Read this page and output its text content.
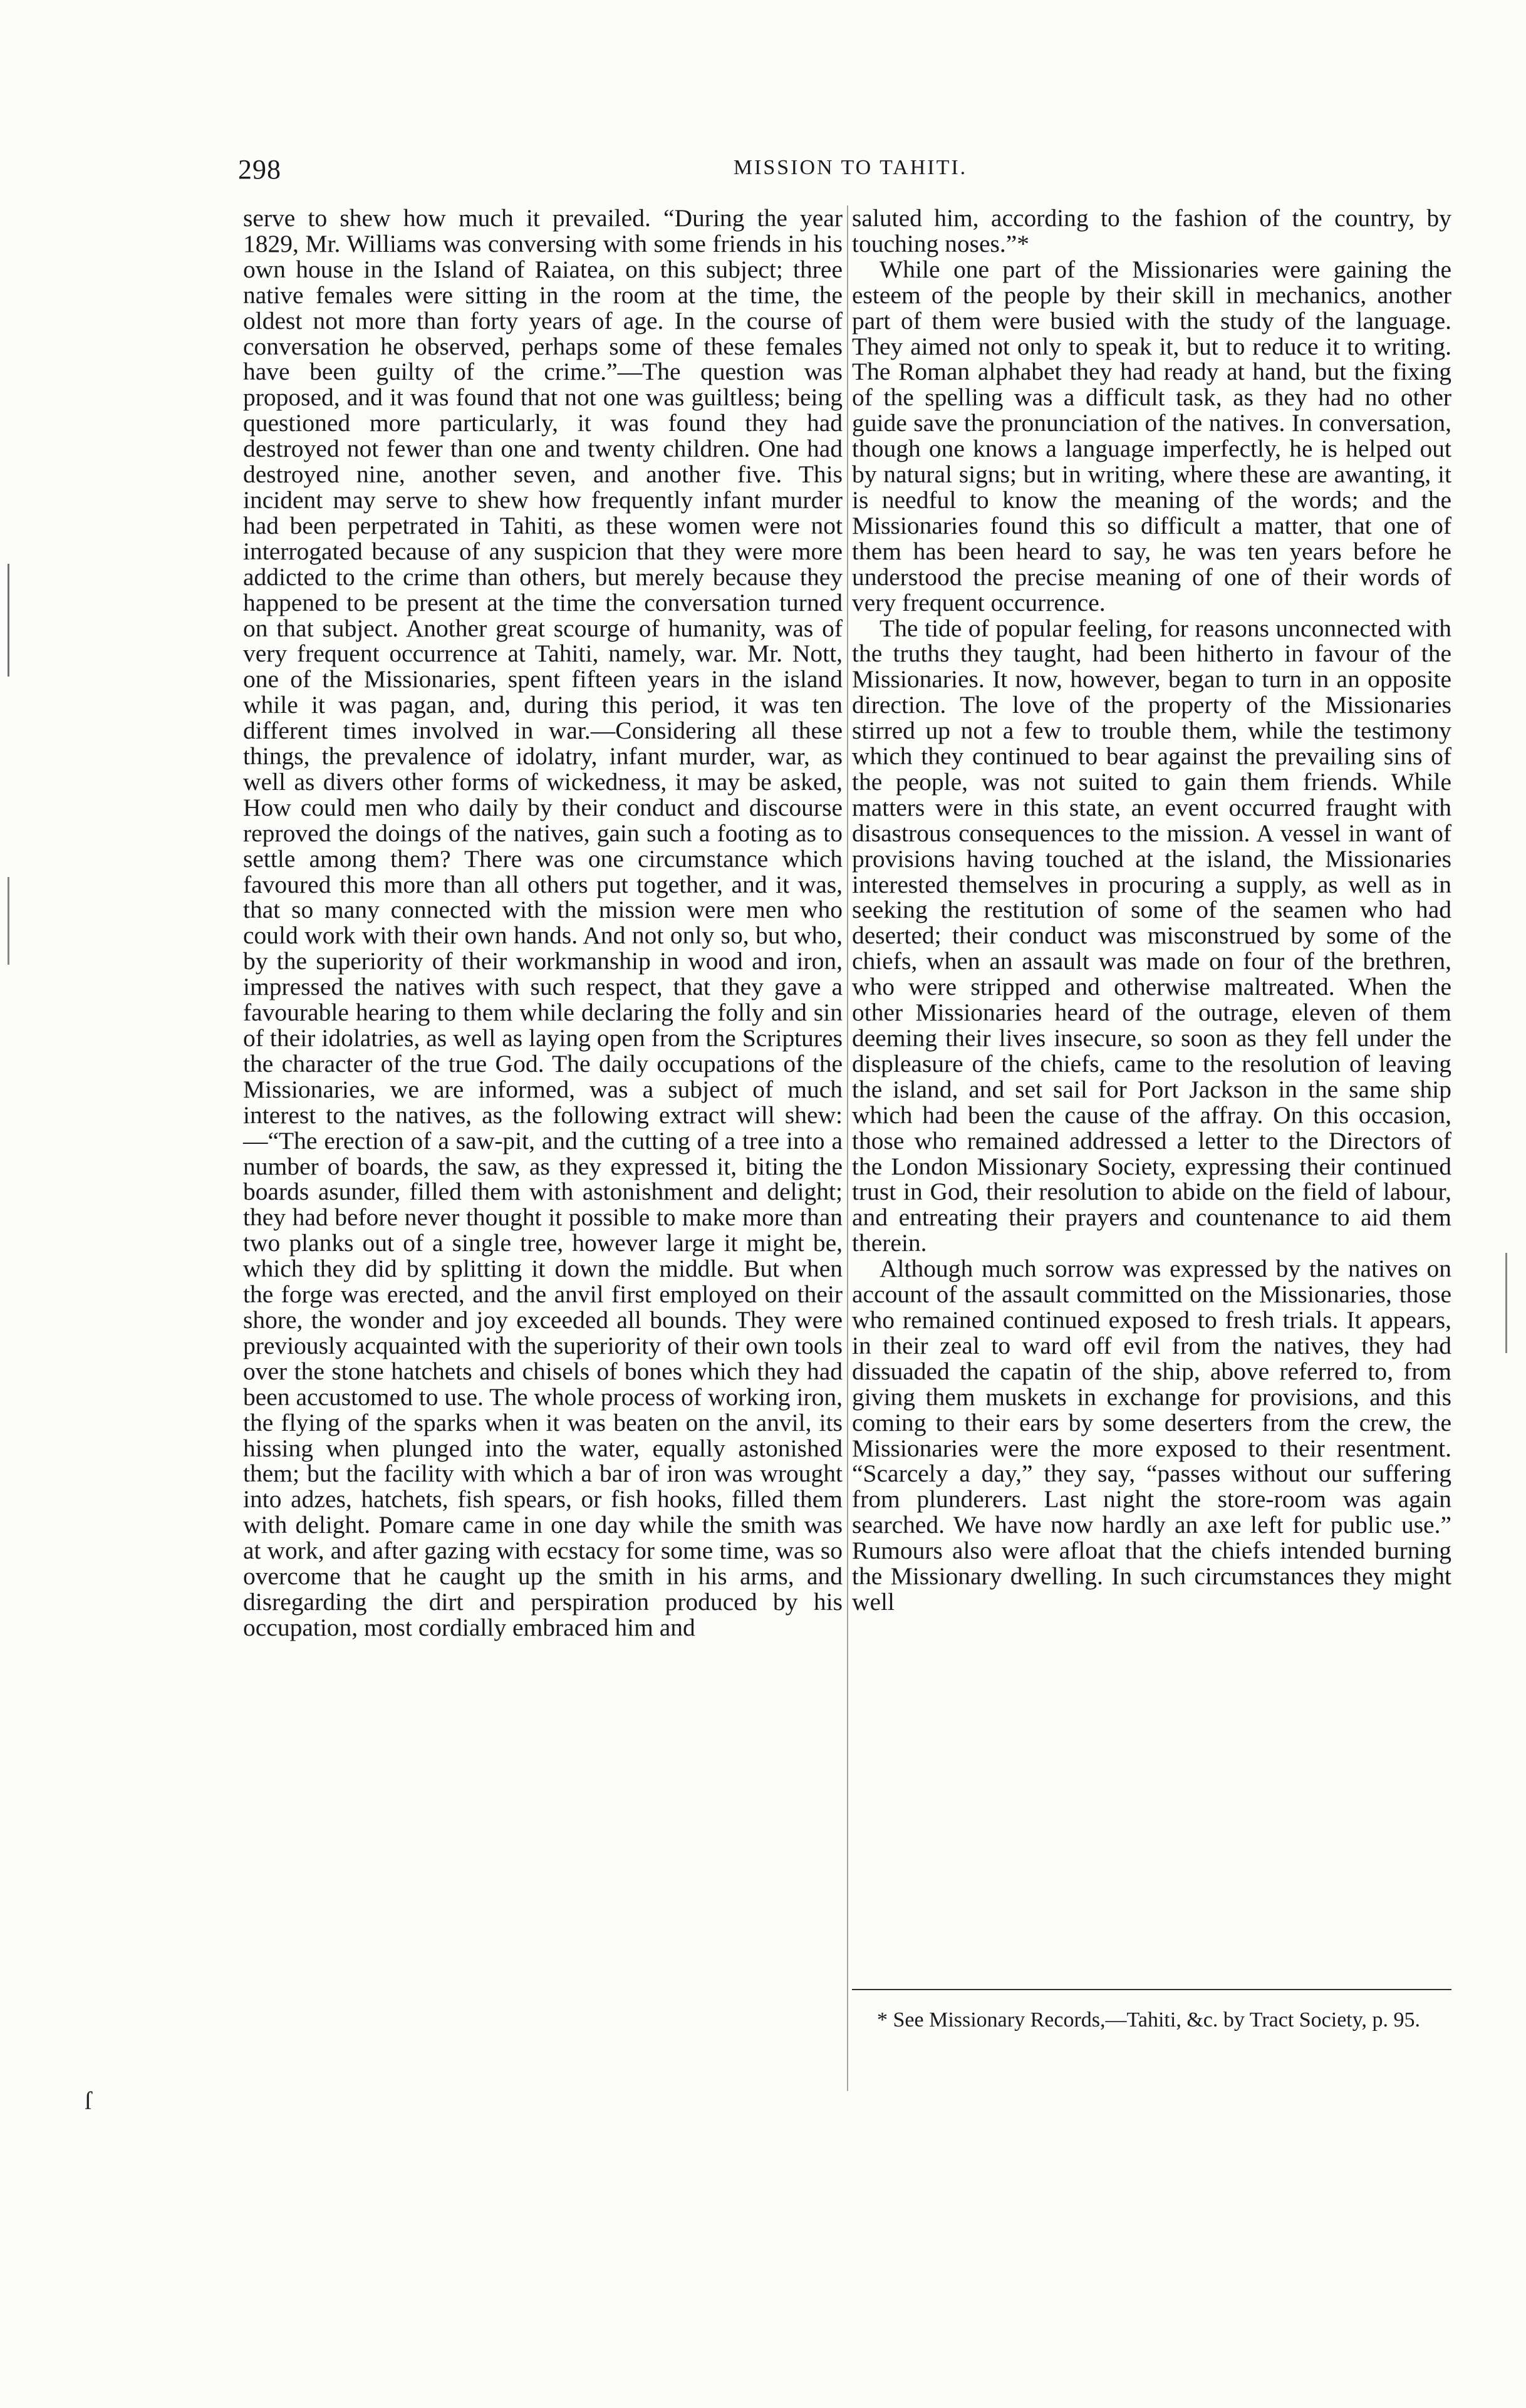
298	MISSION TO TAHITI.

serve to shew how much it prevailed. “During the year 1829, Mr. Williams was conversing with some friends in his own house in the Island of Raiatea, on this subject; three native females were sitting in the room at the time, the oldest not more than forty years of age. In the course of conversation he observed, perhaps some of these females have been guilty of the crime.”—The question was proposed, and it was found that not one was guiltless; being questioned more particularly, it was found they had destroyed not fewer than one and twenty children. One had destroyed nine, another seven, and another five. This incident may serve to shew how frequently infant murder had been perpetrated in Tahiti, as these women were not interrogated because of any suspicion that they were more addicted to the crime than others, but merely because they happened to be present at the time the conversation turned on that subject. Another great scourge of humanity, was of very frequent occurrence at Tahiti, namely, war. Mr. Nott, one of the Missionaries, spent fifteen years in the island while it was pagan, and, during this period, it was ten different times involved in war.—Considering all these things, the prevalence of idolatry, infant murder, war, as well as divers other forms of wickedness, it may be asked, How could men who daily by their conduct and discourse reproved the doings of the natives, gain such a footing as to settle among them? There was one circumstance which favoured this more than all others put together, and it was, that so many connected with the mission were men who could work with their own hands. And not only so, but who, by the superiority of their workmanship in wood and iron, impressed the natives with such respect, that they gave a favourable hearing to them while declaring the folly and sin of their idolatries, as well as laying open from the Scriptures the character of the true God. The daily occupations of the Missionaries, we are informed, was a subject of much interest to the natives, as the following extract will shew:—“The erection of a saw-pit, and the cutting of a tree into a number of boards, the saw, as they expressed it, biting the boards asunder, filled them with astonishment and delight; they had before never thought it possible to make more than two planks out of a single tree, however large it might be, which they did by splitting it down the middle. But when the forge was erected, and the anvil first employed on their shore, the wonder and joy exceeded all bounds. They were previously acquainted with the superiority of their own tools over the stone hatchets and chisels of bones which they had been accustomed to use. The whole process of working iron, the flying of the sparks when it was beaten on the anvil, its hissing when plunged into the water, equally astonished them; but the facility with which a bar of iron was wrought into adzes, hatchets, fish spears, or fish hooks, filled them with delight. Pomare came in one day while the smith was at work, and after gazing with ecstacy for some time, was so overcome that he caught up the smith in his arms, and disregarding the dirt and perspiration produced by his occupation, most cordially embraced him and

saluted him, according to the fashion of the country, by touching noses.”*

While one part of the Missionaries were gaining the esteem of the people by their skill in mechanics, another part of them were busied with the study of the language. They aimed not only to speak it, but to reduce it to writing. The Roman alphabet they had ready at hand, but the fixing of the spelling was a difficult task, as they had no other guide save the pronunciation of the natives. In conversation, though one knows a language imperfectly, he is helped out by natural signs; but in writing, where these are awanting, it is needful to know the meaning of the words; and the Missionaries found this so difficult a matter, that one of them has been heard to say, he was ten years before he understood the precise meaning of one of their words of very frequent occurrence.

The tide of popular feeling, for reasons unconnected with the truths they taught, had been hitherto in favour of the Missionaries. It now, however, began to turn in an opposite direction. The love of the property of the Missionaries stirred up not a few to trouble them, while the testimony which they continued to bear against the prevailing sins of the people, was not suited to gain them friends. While matters were in this state, an event occurred fraught with disastrous consequences to the mission. A vessel in want of provisions having touched at the island, the Missionaries interested themselves in procuring a supply, as well as in seeking the restitution of some of the seamen who had deserted; their conduct was misconstrued by some of the chiefs, when an assault was made on four of the brethren, who were stripped and otherwise maltreated. When the other Missionaries heard of the outrage, eleven of them deeming their lives insecure, so soon as they fell under the displeasure of the chiefs, came to the resolution of leaving the island, and set sail for Port Jackson in the same ship which had been the cause of the affray. On this occasion, those who remained addressed a letter to the Directors of the London Missionary Society, expressing their continued trust in God, their resolution to abide on the field of labour, and entreating their prayers and countenance to aid them therein.

Although much sorrow was expressed by the natives on account of the assault committed on the Missionaries, those who remained continued exposed to fresh trials. It appears, in their zeal to ward off evil from the natives, they had dissuaded the capatin of the ship, above referred to, from giving them muskets in exchange for provisions, and this coming to their ears by some deserters from the crew, the Missionaries were the more exposed to their resentment. “Scarcely a day,” they say, “passes without our suffering from plunderers. Last night the store-room was again searched. We have now hardly an axe left for public use.” Rumours also were afloat that the chiefs intended burning the Missionary dwelling. In such circumstances they might well

* See Missionary Records,—Tahiti, &c. by Tract Society, p. 95.

ſ
